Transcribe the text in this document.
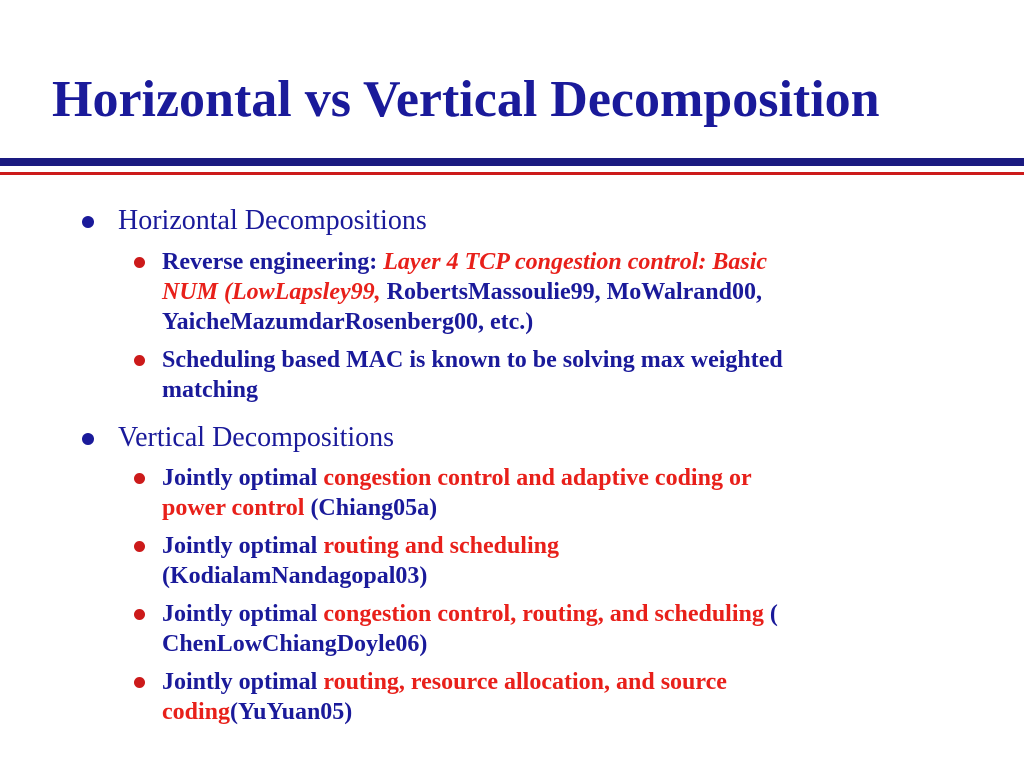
Horizontal vs Vertical Decomposition
Horizontal Decompositions
Reverse engineering: Layer 4 TCP congestion control: Basic
NUM (LowLapsley99, RobertsMassoulie99, MoWalrand00,
YaicheMazumdarRosenberg00, etc.)
Scheduling based MAC is known to be solving max weighted
matching
Vertical Decompositions
Jointly optimal congestion control and adaptive coding or
power control (Chiang05a)
Jointly optimal routing and scheduling
(KodialamNandagopal03)
Jointly optimal congestion control, routing, and scheduling (
ChenLowChiangDoyle06)
Jointly optimal routing, resource allocation, and source
coding(YuYuan05)
